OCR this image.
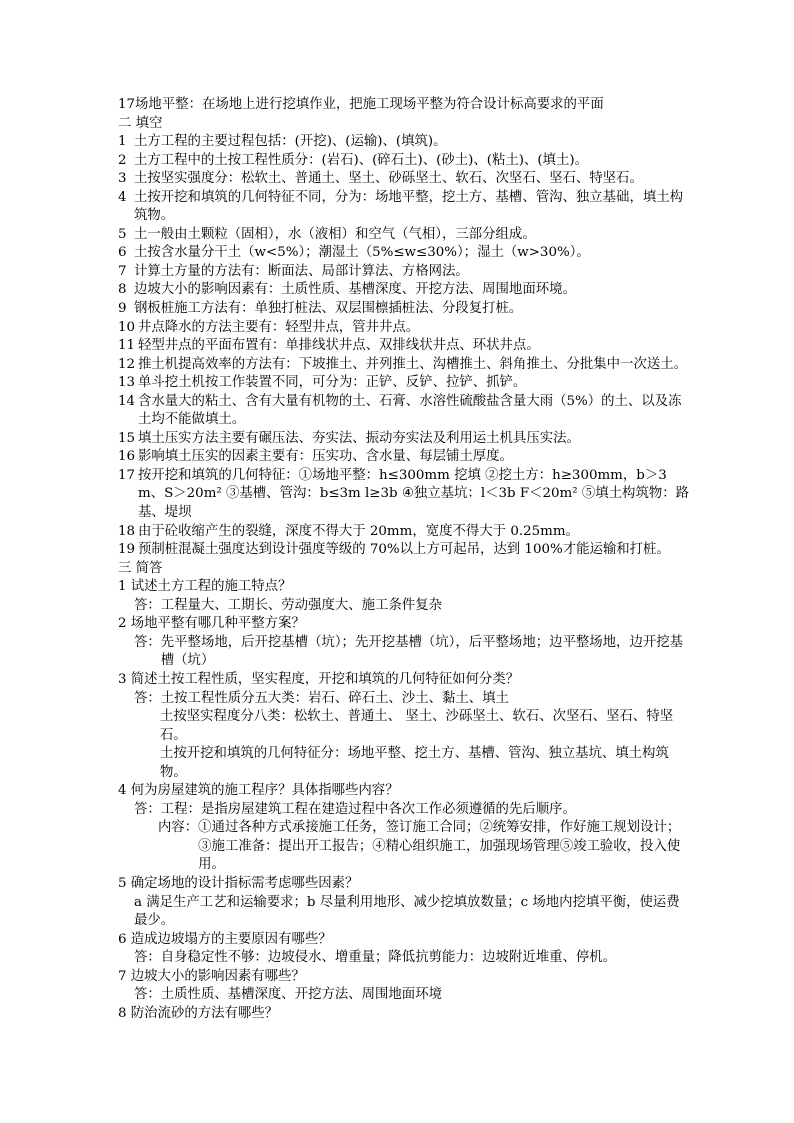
17场地平整：在场地上进行挖填作业，把施工现场平整为符合设计标高要求的平面
二 填空
1 土方工程的主要过程包括：(开挖)、(运输)、(填筑)。
2 土方工程中的土按工程性质分：(岩石)、(碎石土)、(砂土)、(粘土)、(填土)。
3 土按坚实强度分：松软土、普通土、坚土、砂砾坚土、软石、次坚石、坚石、特坚石。
4 土按开挖和填筑的几何特征不同，分为：场地平整，挖土方、基槽、管沟、独立基础，填土构筑物。
5 土一般由土颗粒（固相），水（液相）和空气（气相），三部分组成。
6 土按含水量分干土（w<5%）；潮湿土（5%≤w≤30%）；湿土（w>30%）。
7 计算土方量的方法有：断面法、局部计算法、方格网法。
8 边坡大小的影响因素有：土质性质、基槽深度、开挖方法、周围地面环境。
9 钢板桩施工方法有：单独打桩法、双层围檩插桩法、分段复打桩。
10 井点降水的方法主要有：轻型井点，管井井点。
11 轻型井点的平面布置有：单排线状井点、双排线状井点、环状井点。
12 推土机提高效率的方法有：下坡推土、并列推土、沟槽推土、斜角推土、分批集中一次送土。
13 单斗挖土机按工作装置不同，可分为：正铲、反铲、拉铲、抓铲。
14 含水量大的粘土、含有大量有机物的土、石膏、水溶性硫酸盐含量大雨（5%）的土、以及冻土均不能做填土。
15 填土压实方法主要有碾压法、夯实法、振动夯实法及利用运土机具压实法。
16 影响填土压实的因素主要有：压实功、含水量、每层铺土厚度。
17 按开挖和填筑的几何特征：①场地平整：h≤300mm 挖填 ②挖土方：h≥300mm，b＞3m、S＞20m² ③基槽、管沟：b≤3m l≥3b ④独立基坑：l＜3b F＜20m² ⑤填土构筑物：路基、堤坝
18 由于砼收缩产生的裂缝，深度不得大于 20mm，宽度不得大于 0.25mm。
19 预制桩混凝土强度达到设计强度等级的 70%以上方可起吊，达到 100%才能运输和打桩。
三 简答
1 试述土方工程的施工特点？
答： 工程量大、工期长、劳动强度大、施工条件复杂
2 场地平整有哪几种平整方案？
答： 先平整场地，后开挖基槽（坑）；先开挖基槽（坑），后平整场地；边平整场地，边开挖基槽（坑）
3 简述土按工程性质，坚实程度，开挖和填筑的几何特征如何分类？
答： 土按工程性质分五大类：岩石、碎石土、沙土、黏土、填土
土按坚实程度分八类：松软土、普通土、 坚土、沙砾坚土、软石、次坚石、坚石、特坚石。
土按开挖和填筑的几何特征分：场地平整、挖土方、基槽、管沟、独立基坑、填土构筑物。
4 何为房屋建筑的施工程序？具体指哪些内容？
答： 工程：是指房屋建筑工程在建造过程中各次工作必须遵循的先后顺序。
内容： ①通过各种方式承接施工任务，签订施工合同；②统筹安排，作好施工规划设计；③施工准备：提出开工报告；④精心组织施工，加强现场管理⑤竣工验收，投入使用。
5 确定场地的设计指标需考虑哪些因素？
a 满足生产工艺和运输要求；b 尽量利用地形、减少挖填放数量；c 场地内挖填平衡，使运费最少。
6 造成边坡塌方的主要原因有哪些？
答： 自身稳定性不够：边坡侵水、增重量；降低抗剪能力：边坡附近堆重、停机。
7 边坡大小的影响因素有哪些？
答： 土质性质、基槽深度、开挖方法、周围地面环境
8 防治流砂的方法有哪些？
